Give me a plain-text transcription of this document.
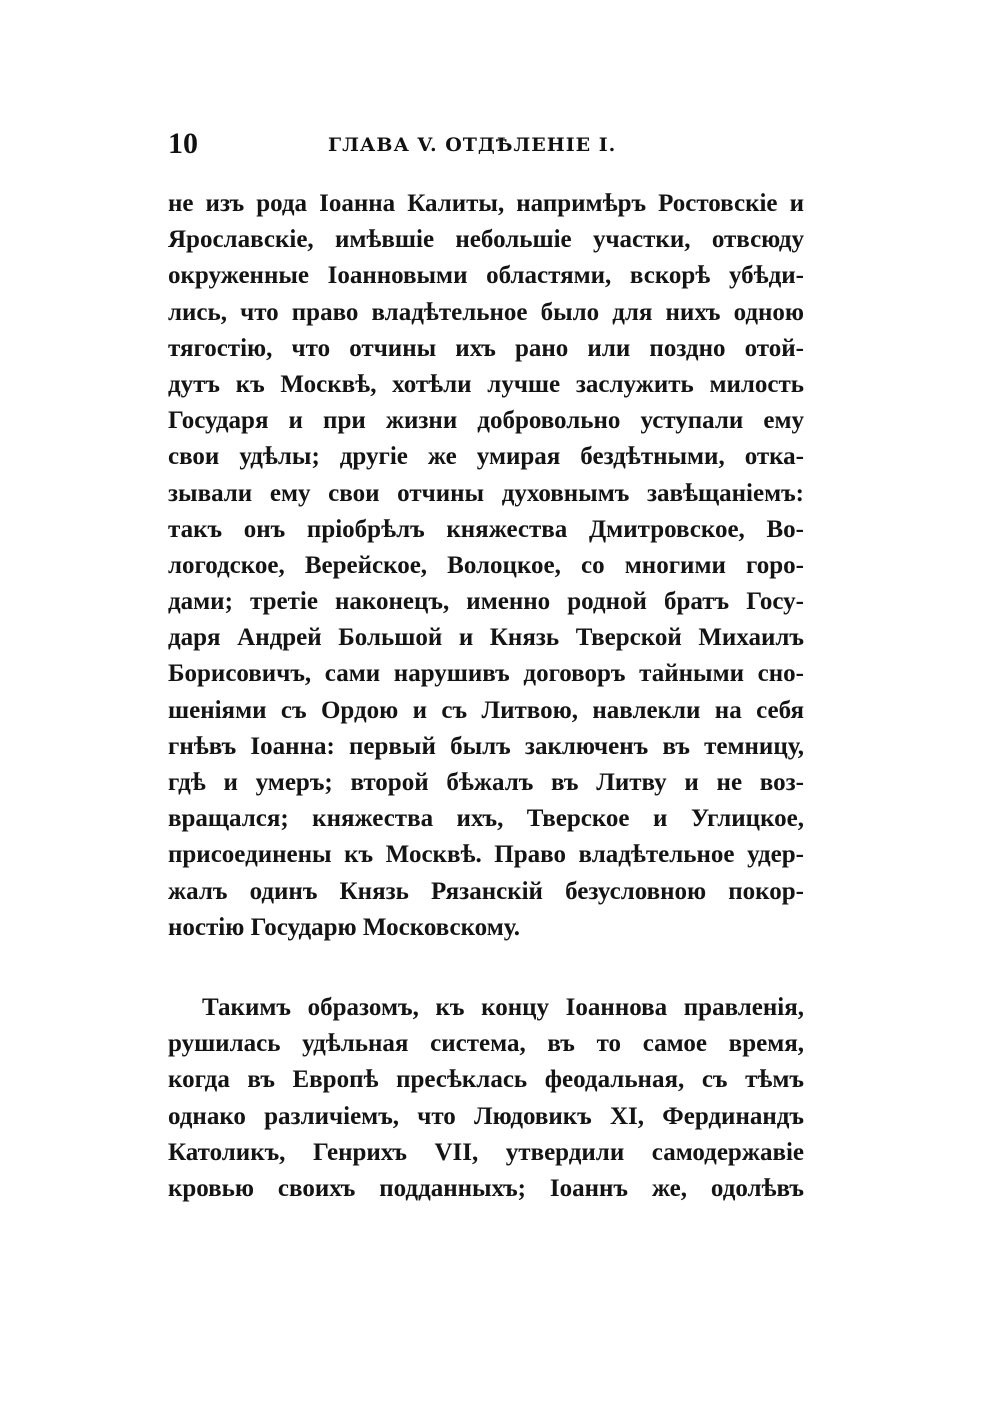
10	ГЛАВА V. ОТДѢЛЕНІЕ I.
не изъ рода Іоанна Калиты, напримѣръ Ростовскіе и
Ярославскіе, имѣвшіе небольшіе участки, отвсюду
окруженные Іоанновыми областями, вскорѣ убѣди-
лись, что право владѣтельное было для нихъ одною
тягостію, что отчины ихъ рано или поздно отой-
дутъ къ Москвѣ, хотѣли лучше заслужить милость
Государя и при жизни добровольно уступали ему
свои удѣлы; другіе же умирая бездѣтными, отка-
зывали ему свои отчины духовнымъ завѣщаніемъ:
такъ онъ пріобрѣлъ княжества Дмитровское, Во-
логодское, Верейское, Волоцкое, со многими горо-
дами; третіе наконецъ, именно родной братъ Госу-
даря Андрей Большой и Князь Тверской Михаилъ
Борисовичъ, сами нарушивъ договоръ тайными сно-
шеніями съ Ордою и съ Литвою, навлекли на себя
гнѣвъ Іоанна: первый былъ заключенъ въ темницу,
гдѣ и умеръ; второй бѣжалъ въ Литву и не воз-
вращался; княжества ихъ, Тверское и Углицкое,
присоединены къ Москвѣ. Право владѣтельное удер-
жалъ одинъ Князь Рязанскій безусловною покор-
ностію Государю Московскому.
Такимъ образомъ, къ концу Іоаннова правленія,
рушилась удѣльная система, въ то самое время,
когда въ Европѣ пресѣклась феодальная, съ тѣмъ
однако различіемъ, что Людовикъ XI, Фердинандъ
Католикъ, Генрихъ VII, утвердили самодержавіе
кровью своихъ подданныхъ; Іоаннъ же, одолѣвъ
